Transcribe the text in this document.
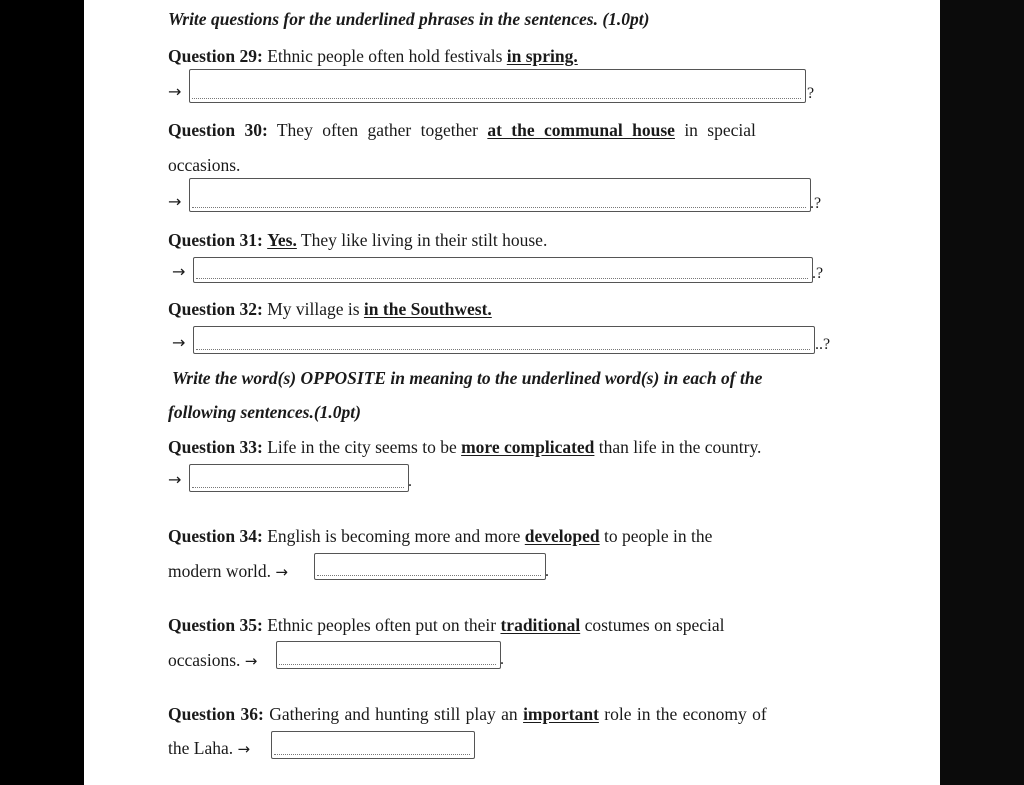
Write questions for the underlined phrases in the sentences. (1.0pt)
Question 29: Ethnic people often hold festivals in spring.
→	?
Question 30: They often gather together at the communal house in special
occasions.
→	.?
Question 31: Yes. They like living in their stilt house.
→	.?
Question 32: My village is in the Southwest.
→	..?
Write the word(s) OPPOSITE in meaning to the underlined word(s) in each of the
following sentences.(1.0pt)
Question 33: Life in the city seems to be more complicated than life in the country.
→	.
Question 34: English is becoming more and more developed to people in the
modern world. →	.
Question 35: Ethnic peoples often put on their traditional costumes on special
occasions. →	.
Question 36: Gathering and hunting still play an important role in the economy of
the Laha. →
